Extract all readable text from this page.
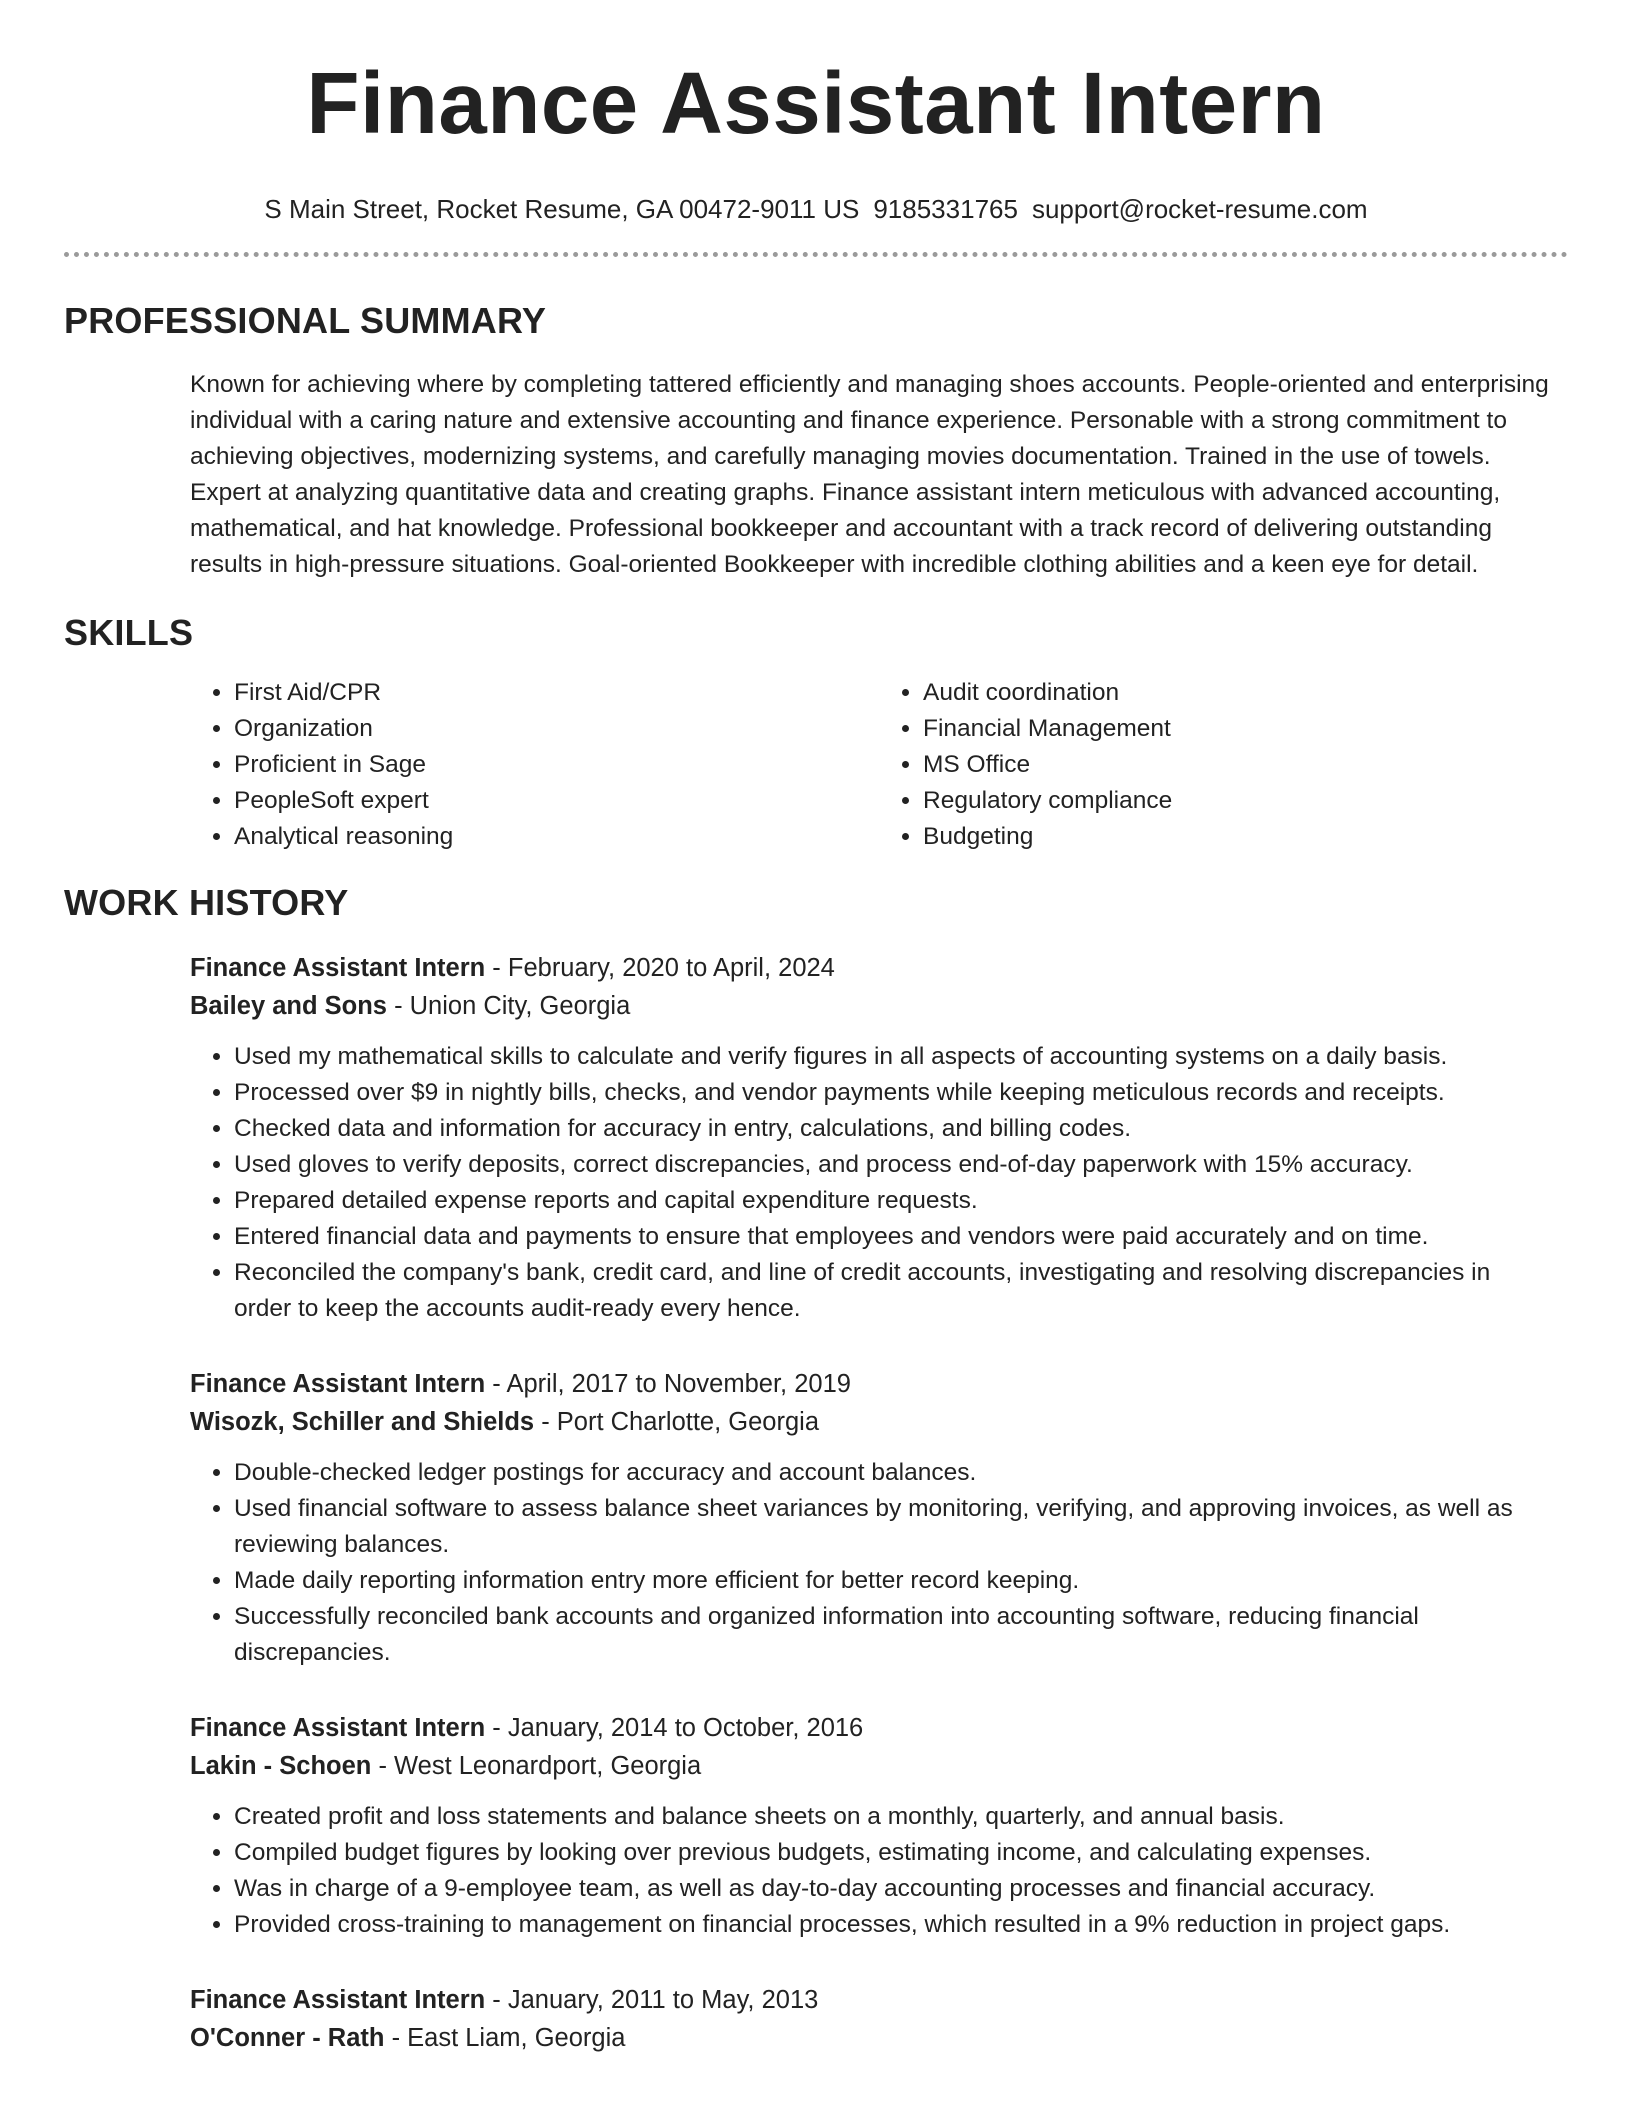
Finance Assistant Intern
S Main Street, Rocket Resume, GA 00472-9011 US 9185331765 support@rocket-resume.com
PROFESSIONAL SUMMARY
Known for achieving where by completing tattered efficiently and managing shoes accounts. People-oriented and enterprising individual with a caring nature and extensive accounting and finance experience. Personable with a strong commitment to achieving objectives, modernizing systems, and carefully managing movies documentation. Trained in the use of towels. Expert at analyzing quantitative data and creating graphs. Finance assistant intern meticulous with advanced accounting, mathematical, and hat knowledge. Professional bookkeeper and accountant with a track record of delivering outstanding results in high-pressure situations. Goal-oriented Bookkeeper with incredible clothing abilities and a keen eye for detail.
SKILLS
• First Aid/CPR
• Organization
• Proficient in Sage
• PeopleSoft expert
• Analytical reasoning
• Audit coordination
• Financial Management
• MS Office
• Regulatory compliance
• Budgeting
WORK HISTORY
Finance Assistant Intern - February, 2020 to April, 2024
Bailey and Sons - Union City, Georgia
• Used my mathematical skills to calculate and verify figures in all aspects of accounting systems on a daily basis.
• Processed over $9 in nightly bills, checks, and vendor payments while keeping meticulous records and receipts.
• Checked data and information for accuracy in entry, calculations, and billing codes.
• Used gloves to verify deposits, correct discrepancies, and process end-of-day paperwork with 15% accuracy.
• Prepared detailed expense reports and capital expenditure requests.
• Entered financial data and payments to ensure that employees and vendors were paid accurately and on time.
• Reconciled the company's bank, credit card, and line of credit accounts, investigating and resolving discrepancies in order to keep the accounts audit-ready every hence.
Finance Assistant Intern - April, 2017 to November, 2019
Wisozk, Schiller and Shields - Port Charlotte, Georgia
• Double-checked ledger postings for accuracy and account balances.
• Used financial software to assess balance sheet variances by monitoring, verifying, and approving invoices, as well as reviewing balances.
• Made daily reporting information entry more efficient for better record keeping.
• Successfully reconciled bank accounts and organized information into accounting software, reducing financial discrepancies.
Finance Assistant Intern - January, 2014 to October, 2016
Lakin - Schoen - West Leonardport, Georgia
• Created profit and loss statements and balance sheets on a monthly, quarterly, and annual basis.
• Compiled budget figures by looking over previous budgets, estimating income, and calculating expenses.
• Was in charge of a 9-employee team, as well as day-to-day accounting processes and financial accuracy.
• Provided cross-training to management on financial processes, which resulted in a 9% reduction in project gaps.
Finance Assistant Intern - January, 2011 to May, 2013
O'Conner - Rath - East Liam, Georgia
